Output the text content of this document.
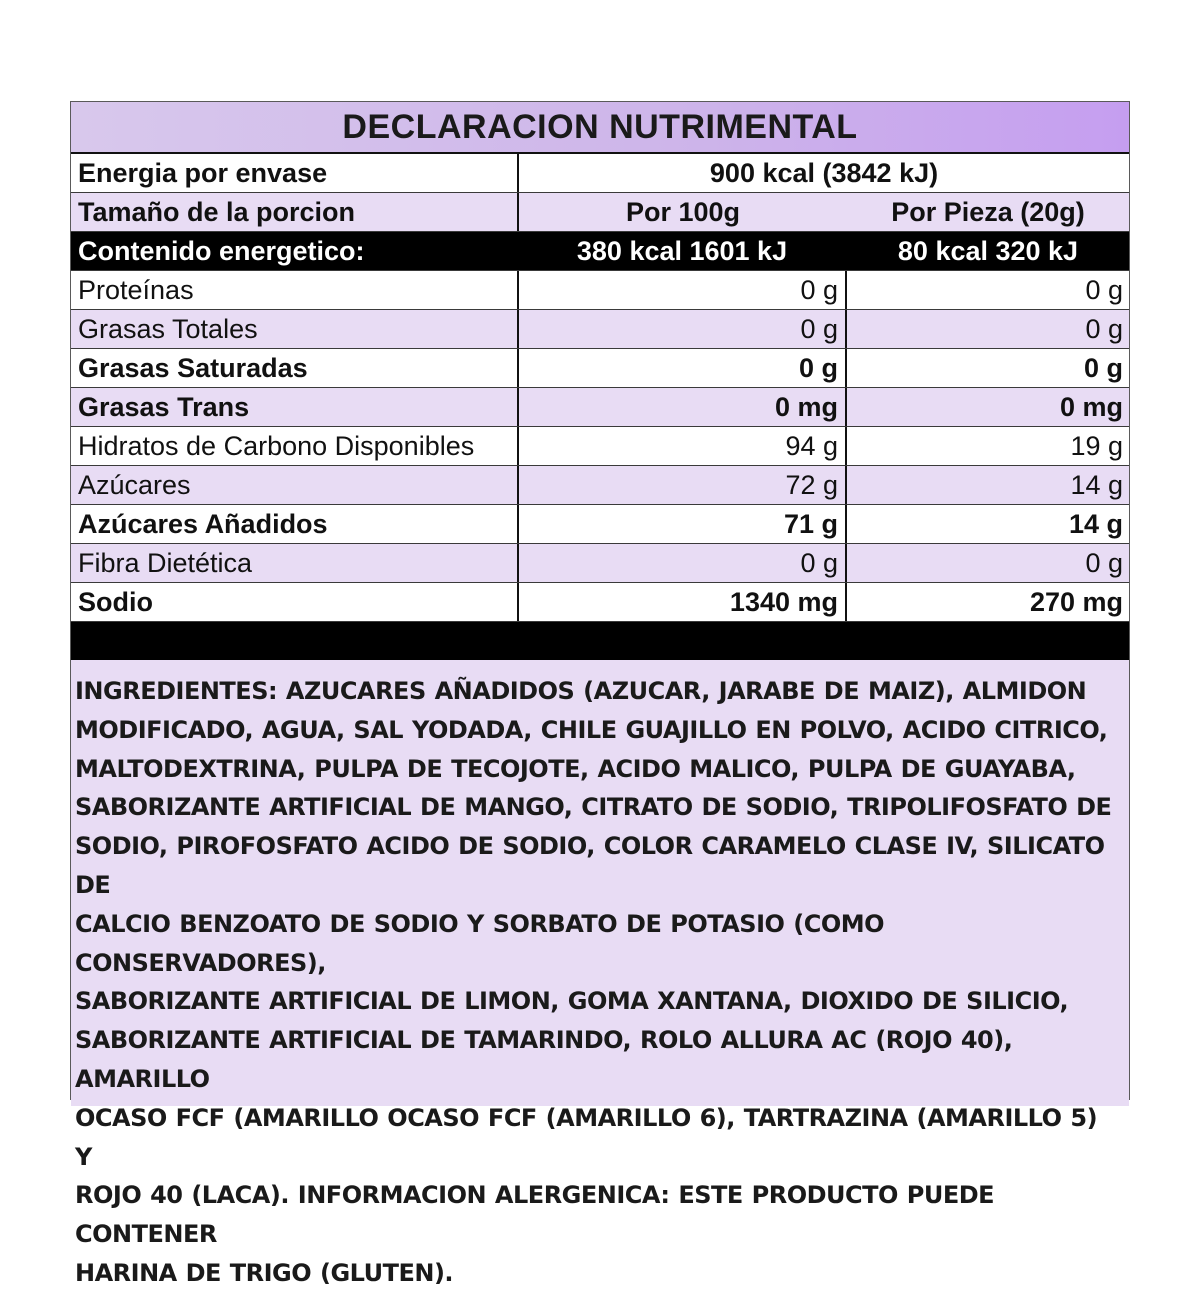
DECLARACION NUTRIMENTAL
Energia por envase	900 kcal (3842 kJ)
Tamaño de la porcion	Por 100g	Por Pieza (20g)
Contenido energetico:	380 kcal 1601 kJ	80 kcal 320 kJ
Proteínas	0 g	0 g
Grasas Totales	0 g	0 g
Grasas Saturadas	0 g	0 g
Grasas Trans	0 mg	0 mg
Hidratos de Carbono Disponibles	94 g	19 g
Azúcares	72 g	14 g
Azúcares Añadidos	71 g	14 g
Fibra Dietética	0 g	0 g
Sodio	1340 mg	270 mg
INGREDIENTES: AZUCARES AÑADIDOS (AZUCAR, JARABE DE MAIZ), ALMIDON
MODIFICADO, AGUA, SAL YODADA, CHILE GUAJILLO EN POLVO, ACIDO CITRICO,
MALTODEXTRINA, PULPA DE TECOJOTE, ACIDO MALICO, PULPA DE GUAYABA,
SABORIZANTE ARTIFICIAL DE MANGO, CITRATO DE SODIO, TRIPOLIFOSFATO DE
SODIO, PIROFOSFATO ACIDO DE SODIO, COLOR CARAMELO CLASE IV, SILICATO DE
CALCIO BENZOATO DE SODIO Y SORBATO DE POTASIO (COMO CONSERVADORES),
SABORIZANTE ARTIFICIAL DE LIMON, GOMA XANTANA, DIOXIDO DE SILICIO,
SABORIZANTE ARTIFICIAL DE TAMARINDO, ROLO ALLURA AC (ROJO 40), AMARILLO
OCASO FCF (AMARILLO OCASO FCF (AMARILLO 6), TARTRAZINA (AMARILLO 5) Y
ROJO 40 (LACA). INFORMACION ALERGENICA: ESTE PRODUCTO PUEDE CONTENER
HARINA DE TRIGO (GLUTEN).
